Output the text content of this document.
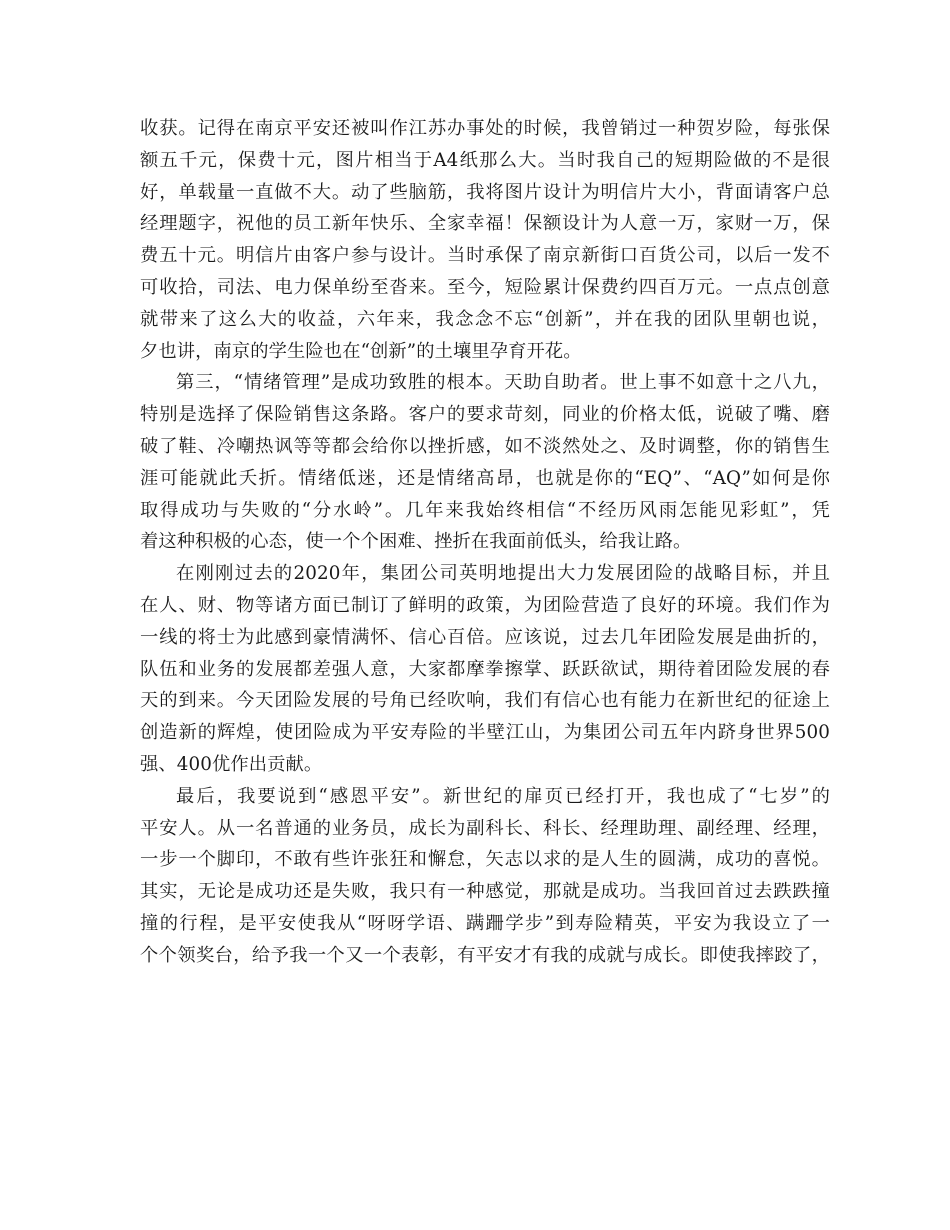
收获。记得在南京平安还被叫作江苏办事处的时候，我曾销过一种贺岁险，每张保
额五千元，保费十元，图片相当于A4纸那么大。当时我自己的短期险做的不是很
好，单载量一直做不大。动了些脑筋，我将图片设计为明信片大小，背面请客户总
经理题字，祝他的员工新年快乐、全家幸福！保额设计为人意一万，家财一万，保
费五十元。明信片由客户参与设计。当时承保了南京新街口百货公司，以后一发不
可收拾，司法、电力保单纷至沓来。至今，短险累计保费约四百万元。一点点创意
就带来了这么大的收益，六年来，我念念不忘“创新”，并在我的团队里朝也说，
夕也讲，南京的学生险也在“创新”的土壤里孕育开花。
第三，“情绪管理”是成功致胜的根本。天助自助者。世上事不如意十之八九，
特别是选择了保险销售这条路。客户的要求苛刻，同业的价格太低，说破了嘴、磨
破了鞋、冷嘲热讽等等都会给你以挫折感，如不淡然处之、及时调整，你的销售生
涯可能就此夭折。情绪低迷，还是情绪高昂，也就是你的“EQ”、“AQ”如何是你
取得成功与失败的“分水岭”。几年来我始终相信“不经历风雨怎能见彩虹”，凭
着这种积极的心态，使一个个困难、挫折在我面前低头，给我让路。
在刚刚过去的2020年，集团公司英明地提出大力发展团险的战略目标，并且
在人、财、物等诸方面已制订了鲜明的政策，为团险营造了良好的环境。我们作为
一线的将士为此感到豪情满怀、信心百倍。应该说，过去几年团险发展是曲折的，
队伍和业务的发展都差强人意，大家都摩拳擦掌、跃跃欲试，期待着团险发展的春
天的到来。今天团险发展的号角已经吹响，我们有信心也有能力在新世纪的征途上
创造新的辉煌，使团险成为平安寿险的半壁江山，为集团公司五年内跻身世界500
强、400优作出贡献。
最后，我要说到“感恩平安”。新世纪的扉页已经打开，我也成了“七岁”的
平安人。从一名普通的业务员，成长为副科长、科长、经理助理、副经理、经理，
一步一个脚印，不敢有些许张狂和懈怠，矢志以求的是人生的圆满，成功的喜悦。
其实，无论是成功还是失败，我只有一种感觉，那就是成功。当我回首过去跌跌撞
撞的行程，是平安使我从“呀呀学语、蹒跚学步”到寿险精英，平安为我设立了一
个个领奖台，给予我一个又一个表彰，有平安才有我的成就与成长。即使我摔跤了，
